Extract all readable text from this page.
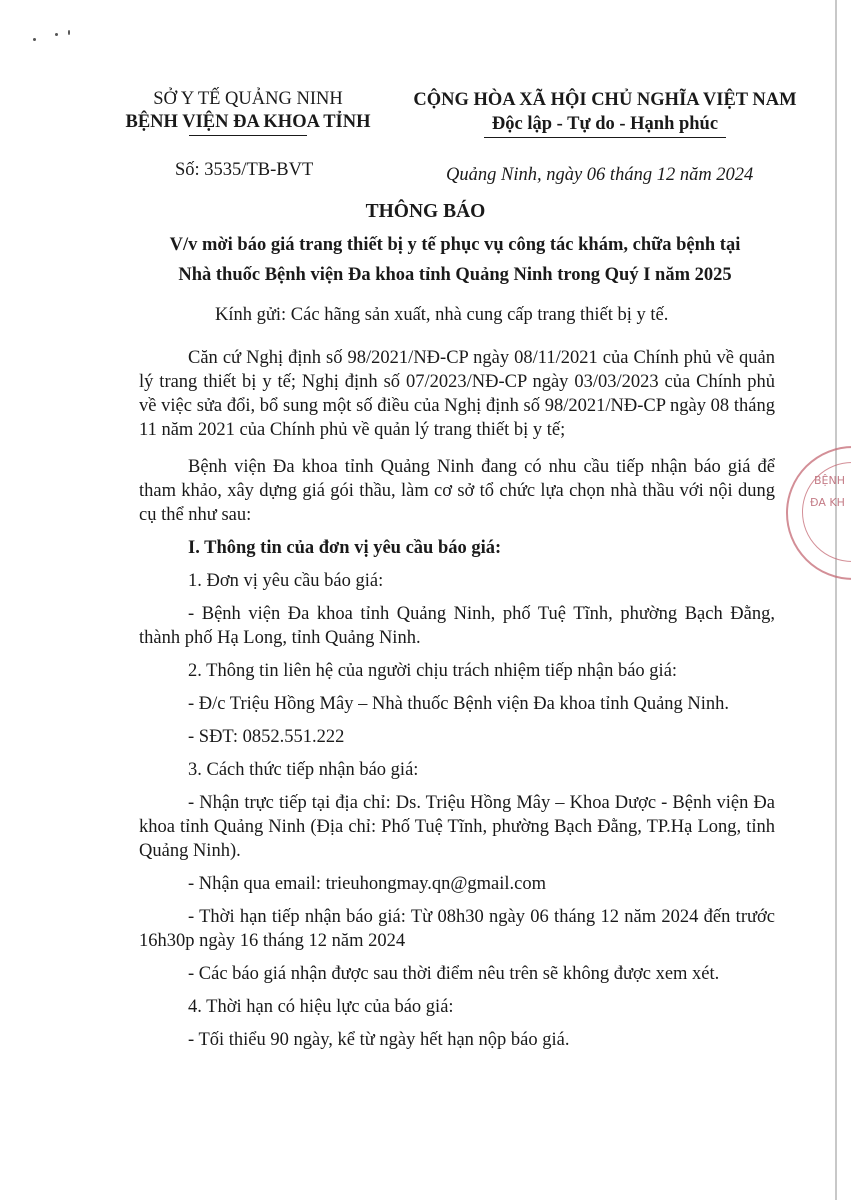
SỞ Y TẾ QUẢNG NINH
BỆNH VIỆN ĐA KHOA TỈNH
CỘNG HÒA XÃ HỘI CHỦ NGHĨA VIỆT NAM
Độc lập - Tự do - Hạnh phúc
Số: 3535/TB-BVT	Quảng Ninh, ngày 06 tháng 12 năm 2024
THÔNG BÁO
V/v mời báo giá trang thiết bị y tế phục vụ công tác khám, chữa bệnh tại
Nhà thuốc Bệnh viện Đa khoa tỉnh Quảng Ninh trong Quý I năm 2025
Kính gửi: Các hãng sản xuất, nhà cung cấp trang thiết bị y tế.

Căn cứ Nghị định số 98/2021/NĐ-CP ngày 08/11/2021 của Chính phủ về quản lý trang thiết bị y tế; Nghị định số 07/2023/NĐ-CP ngày 03/03/2023 của Chính phủ về việc sửa đổi, bổ sung một số điều của Nghị định số 98/2021/NĐ-CP ngày 08 tháng 11 năm 2021 của Chính phủ về quản lý trang thiết bị y tế;

Bệnh viện Đa khoa tỉnh Quảng Ninh đang có nhu cầu tiếp nhận báo giá để tham khảo, xây dựng giá gói thầu, làm cơ sở tổ chức lựa chọn nhà thầu với nội dung cụ thể như sau:

I. Thông tin của đơn vị yêu cầu báo giá:

1. Đơn vị yêu cầu báo giá:

- Bệnh viện Đa khoa tỉnh Quảng Ninh, phố Tuệ Tĩnh, phường Bạch Đằng, thành phố Hạ Long, tỉnh Quảng Ninh.

2. Thông tin liên hệ của người chịu trách nhiệm tiếp nhận báo giá:

- Đ/c Triệu Hồng Mây – Nhà thuốc Bệnh viện Đa khoa tỉnh Quảng Ninh.

- SĐT: 0852.551.222

3. Cách thức tiếp nhận báo giá:

- Nhận trực tiếp tại địa chỉ: Ds. Triệu Hồng Mây – Khoa Dược - Bệnh viện Đa khoa tỉnh Quảng Ninh (Địa chỉ: Phố Tuệ Tĩnh, phường Bạch Đằng, TP.Hạ Long, tỉnh Quảng Ninh).

- Nhận qua email: trieuhongmay.qn@gmail.com

- Thời hạn tiếp nhận báo giá: Từ 08h30 ngày 06 tháng 12 năm 2024 đến trước 16h30p ngày 16 tháng 12 năm 2024

- Các báo giá nhận được sau thời điểm nêu trên sẽ không được xem xét.

4. Thời hạn có hiệu lực của báo giá:

- Tối thiểu 90 ngày, kể từ ngày hết hạn nộp báo giá.

BỆNH
ĐA KH
